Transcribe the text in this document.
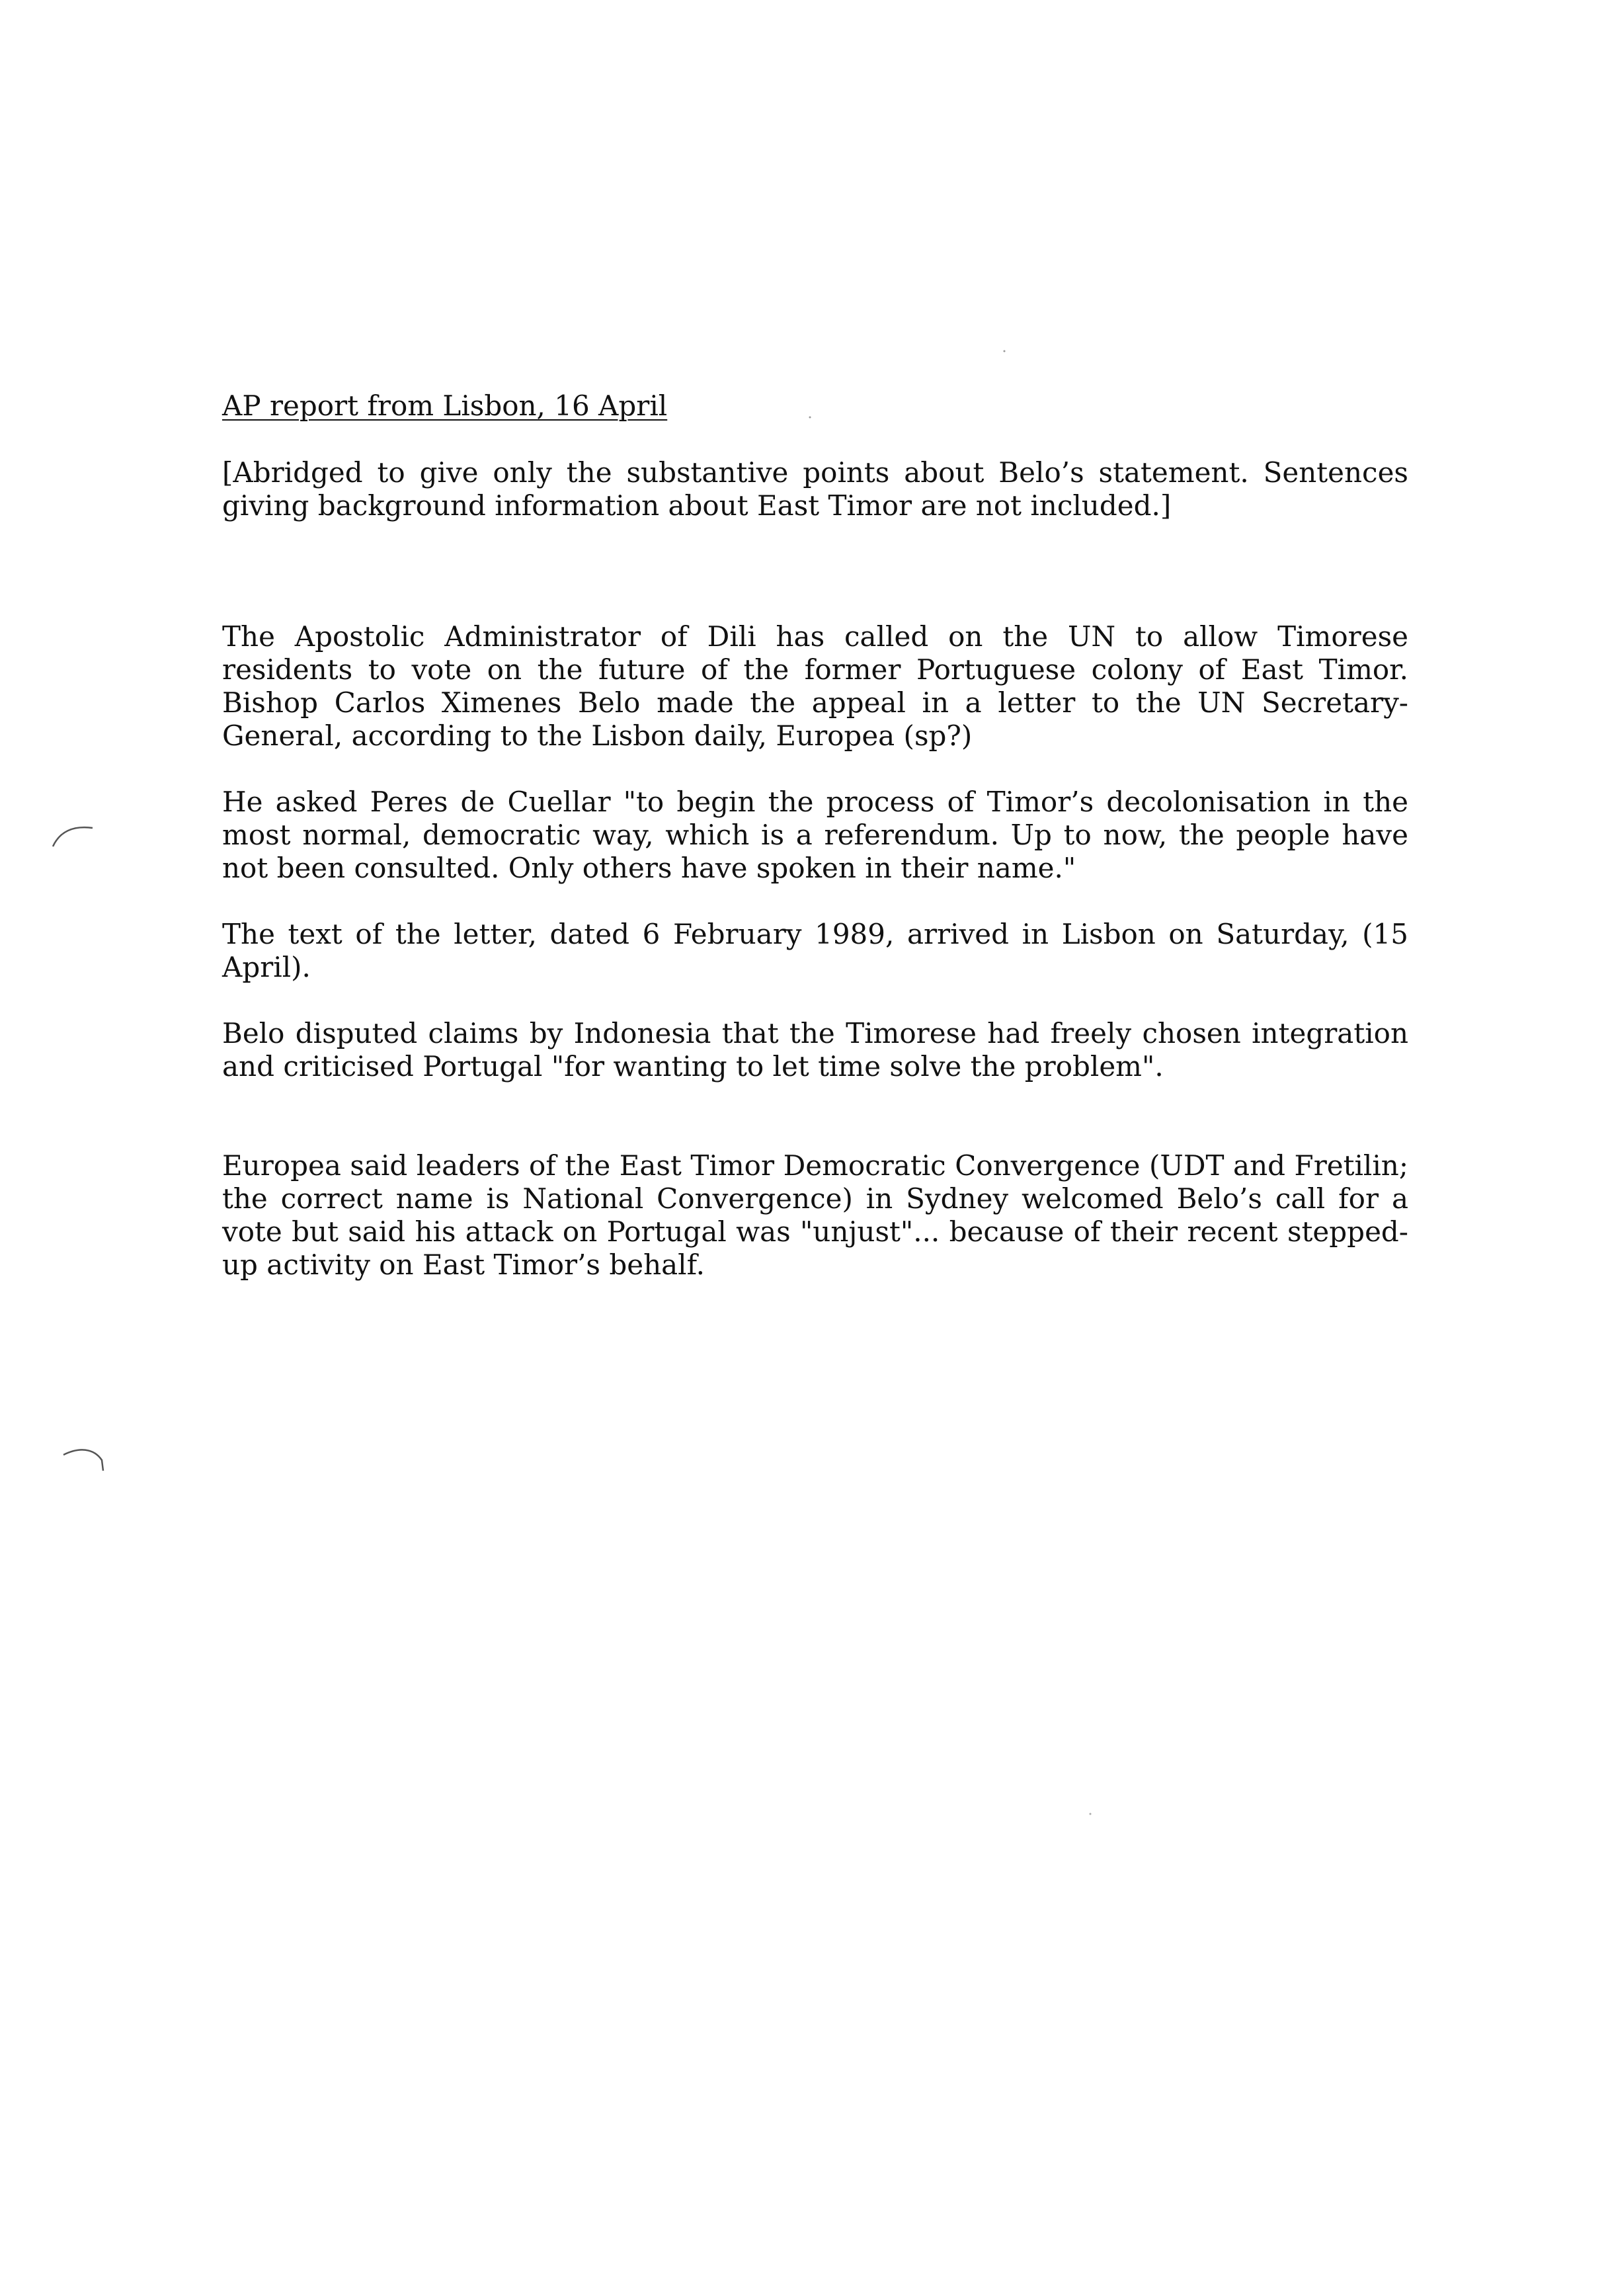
AP report from Lisbon, 16 April

[Abridged to give only the substantive points about Belo’s statement. Sentences giving background information about East Timor are not included.]

The Apostolic Administrator of Dili has called on the UN to allow Timorese residents to vote on the future of the former Portuguese colony of East Timor. Bishop Carlos Ximenes Belo made the appeal in a letter to the UN Secretary-General, according to the Lisbon daily, Europea (sp?)

He asked Peres de Cuellar "to begin the process of Timor’s decolonisation in the most normal, democratic way, which is a referendum. Up to now, the people have not been consulted. Only others have spoken in their name."

The text of the letter, dated 6 February 1989, arrived in Lisbon on Saturday, (15 April).

Belo disputed claims by Indonesia that the Timorese had freely chosen integration and criticised Portugal "for wanting to let time solve the problem".

Europea said leaders of the East Timor Democratic Convergence (UDT and Fretilin; the correct name is National Convergence) in Sydney welcomed Belo’s call for a vote but said his attack on Portugal was "unjust"... because of their recent stepped-up activity on East Timor’s behalf.
